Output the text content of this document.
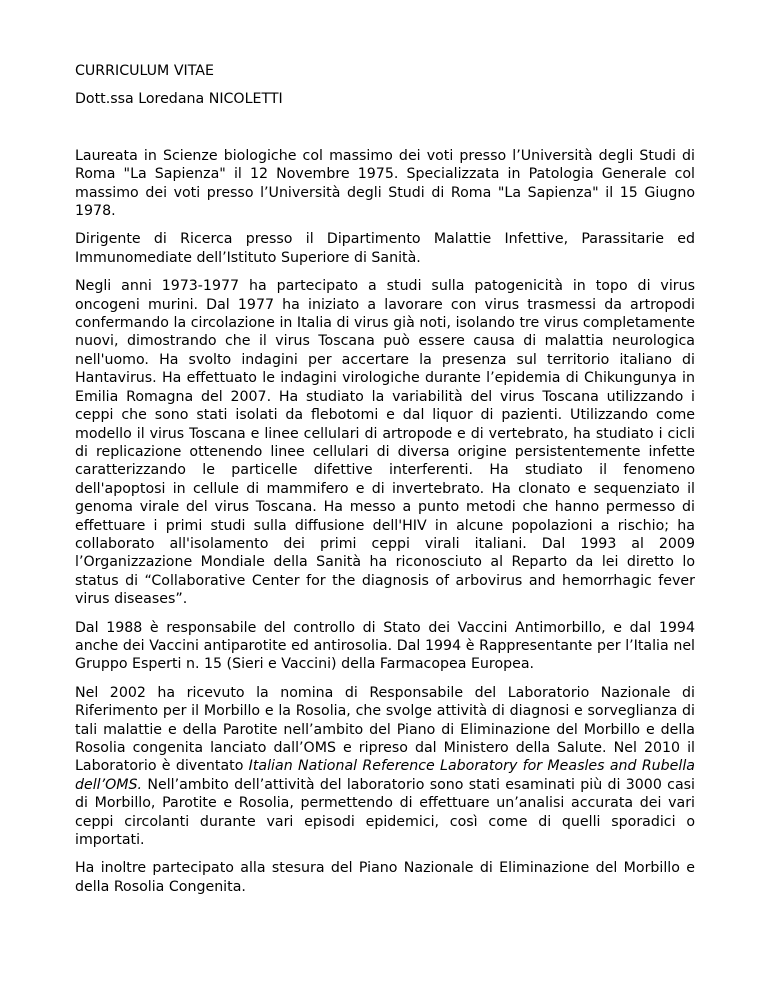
CURRICULUM VITAE

Dott.ssa Loredana NICOLETTI

Laureata in Scienze biologiche col massimo dei voti presso l’Università degli Studi di Roma "La Sapienza" il 12 Novembre 1975. Specializzata in Patologia Generale col massimo dei voti presso l’Università degli Studi di Roma "La Sapienza" il 15 Giugno 1978.

Dirigente di Ricerca presso il Dipartimento Malattie Infettive, Parassitarie ed Immunomediate dell’Istituto Superiore di Sanità.

Negli anni 1973-1977 ha partecipato a studi sulla patogenicità in topo di virus oncogeni murini. Dal 1977 ha iniziato a lavorare con virus trasmessi da artropodi confermando la circolazione in Italia di virus già noti, isolando tre virus completamente nuovi, dimostrando che il virus Toscana può essere causa di malattia neurologica nell'uomo. Ha svolto indagini per accertare la presenza sul territorio italiano di Hantavirus. Ha effettuato le indagini virologiche durante l’epidemia di Chikungunya in Emilia Romagna del 2007. Ha studiato la variabilità del virus Toscana utilizzando i ceppi che sono stati isolati da flebotomi e dal liquor di pazienti. Utilizzando come modello il virus Toscana e linee cellulari di artropode e di vertebrato, ha studiato i cicli di replicazione ottenendo linee cellulari di diversa origine persistentemente infette caratterizzando le particelle difettive interferenti. Ha studiato il fenomeno dell'apoptosi in cellule di mammifero e di invertebrato. Ha clonato e sequenziato il genoma virale del virus Toscana. Ha messo a punto metodi che hanno permesso di effettuare i primi studi sulla diffusione dell'HIV in alcune popolazioni a rischio; ha collaborato all'isolamento dei primi ceppi virali italiani. Dal 1993 al 2009 l’Organizzazione Mondiale della Sanità ha riconosciuto al Reparto da lei diretto lo status di “Collaborative Center for the diagnosis of arbovirus and hemorrhagic fever virus diseases”.

Dal 1988 è responsabile del controllo di Stato dei Vaccini Antimorbillo, e dal 1994 anche dei Vaccini antiparotite ed antirosolia. Dal 1994 è Rappresentante per l’Italia nel Gruppo Esperti n. 15 (Sieri e Vaccini) della Farmacopea Europea.

Nel 2002 ha ricevuto la nomina di Responsabile del Laboratorio Nazionale di Riferimento per il Morbillo e la Rosolia, che svolge attività di diagnosi e sorveglianza di tali malattie e della Parotite nell’ambito del Piano di Eliminazione del Morbillo e della Rosolia congenita lanciato dall’OMS e ripreso dal Ministero della Salute. Nel 2010 il Laboratorio è diventato Italian National Reference Laboratory for Measles and Rubella dell’OMS. Nell’ambito dell’attività del laboratorio sono stati esaminati più di 3000 casi di Morbillo, Parotite e Rosolia, permettendo di effettuare un’analisi accurata dei vari ceppi circolanti durante vari episodi epidemici, così come di quelli sporadici o importati.

Ha inoltre partecipato alla stesura del Piano Nazionale di Eliminazione del Morbillo e della Rosolia Congenita.
